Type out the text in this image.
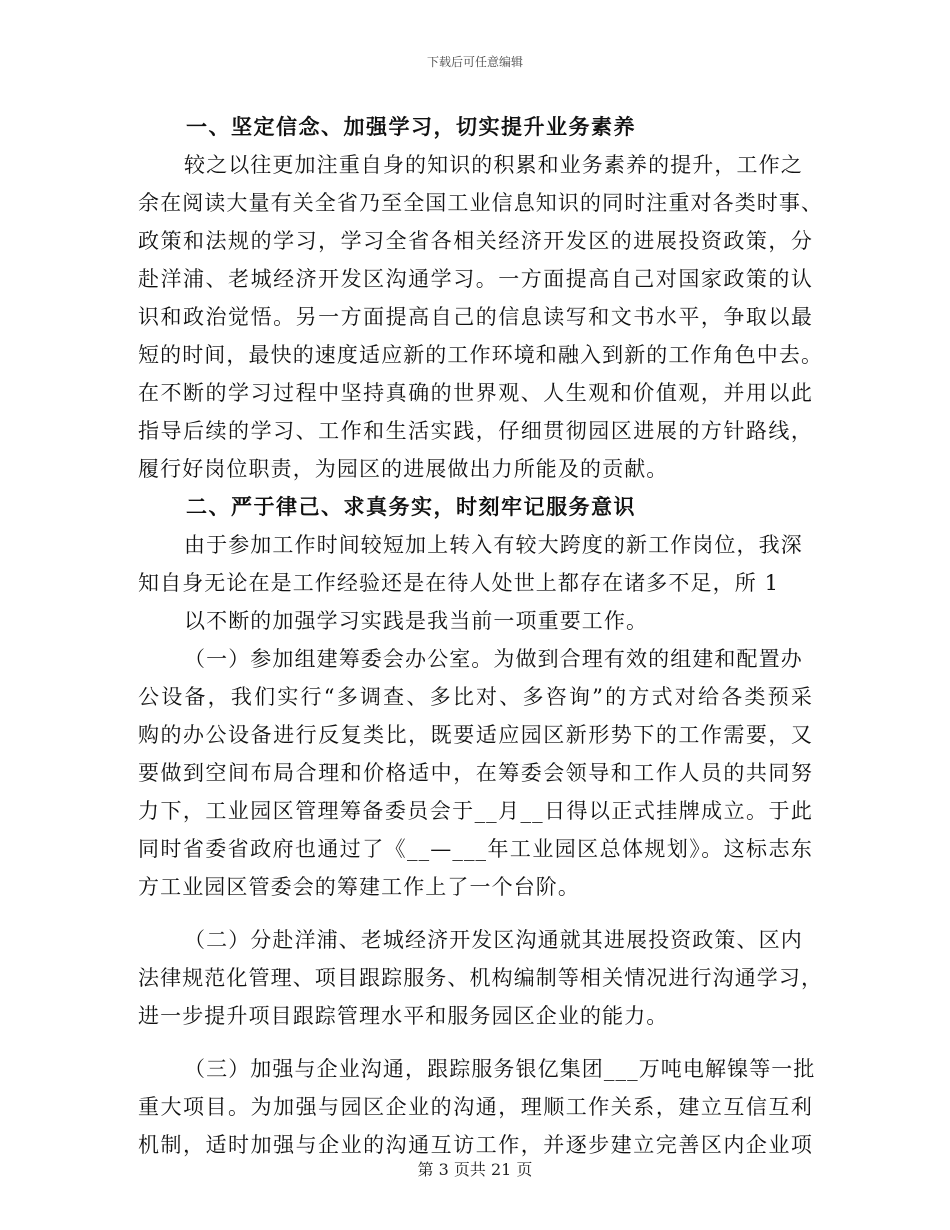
下载后可任意编辑
一、坚定信念、加强学习，切实提升业务素养
较之以往更加注重自身的知识的积累和业务素养的提升，工作之
余在阅读大量有关全省乃至全国工业信息知识的同时注重对各类时事、
政策和法规的学习，学习全省各相关经济开发区的进展投资政策，分
赴洋浦、老城经济开发区沟通学习。一方面提高自己对国家政策的认
识和政治觉悟。另一方面提高自己的信息读写和文书水平，争取以最
短的时间，最快的速度适应新的工作环境和融入到新的工作角色中去。
在不断的学习过程中坚持真确的世界观、人生观和价值观，并用以此
指导后续的学习、工作和生活实践，仔细贯彻园区进展的方针路线，
履行好岗位职责，为园区的进展做出力所能及的贡献。
二、严于律己、求真务实，时刻牢记服务意识
由于参加工作时间较短加上转入有较大跨度的新工作岗位，我深
知自身无论在是工作经验还是在待人处世上都存在诸多不足，所 1
以不断的加强学习实践是我当前一项重要工作。
（一）参加组建筹委会办公室。为做到合理有效的组建和配置办
公设备，我们实行“多调查、多比对、多咨询”的方式对给各类预采
购的办公设备进行反复类比，既要适应园区新形势下的工作需要，又
要做到空间布局合理和价格适中，在筹委会领导和工作人员的共同努
力下，工业园区管理筹备委员会于__月__日得以正式挂牌成立。于此
同时省委省政府也通过了《__—___年工业园区总体规划》。这标志东
方工业园区管委会的筹建工作上了一个台阶。
（二）分赴洋浦、老城经济开发区沟通就其进展投资政策、区内
法律规范化管理、项目跟踪服务、机构编制等相关情况进行沟通学习，
进一步提升项目跟踪管理水平和服务园区企业的能力。
（三）加强与企业沟通，跟踪服务银亿集团___万吨电解镍等一批
重大项目。为加强与园区企业的沟通，理顺工作关系，建立互信互利
机制，适时加强与企业的沟通互访工作，并逐步建立完善区内企业项
第 3 页共 21 页
